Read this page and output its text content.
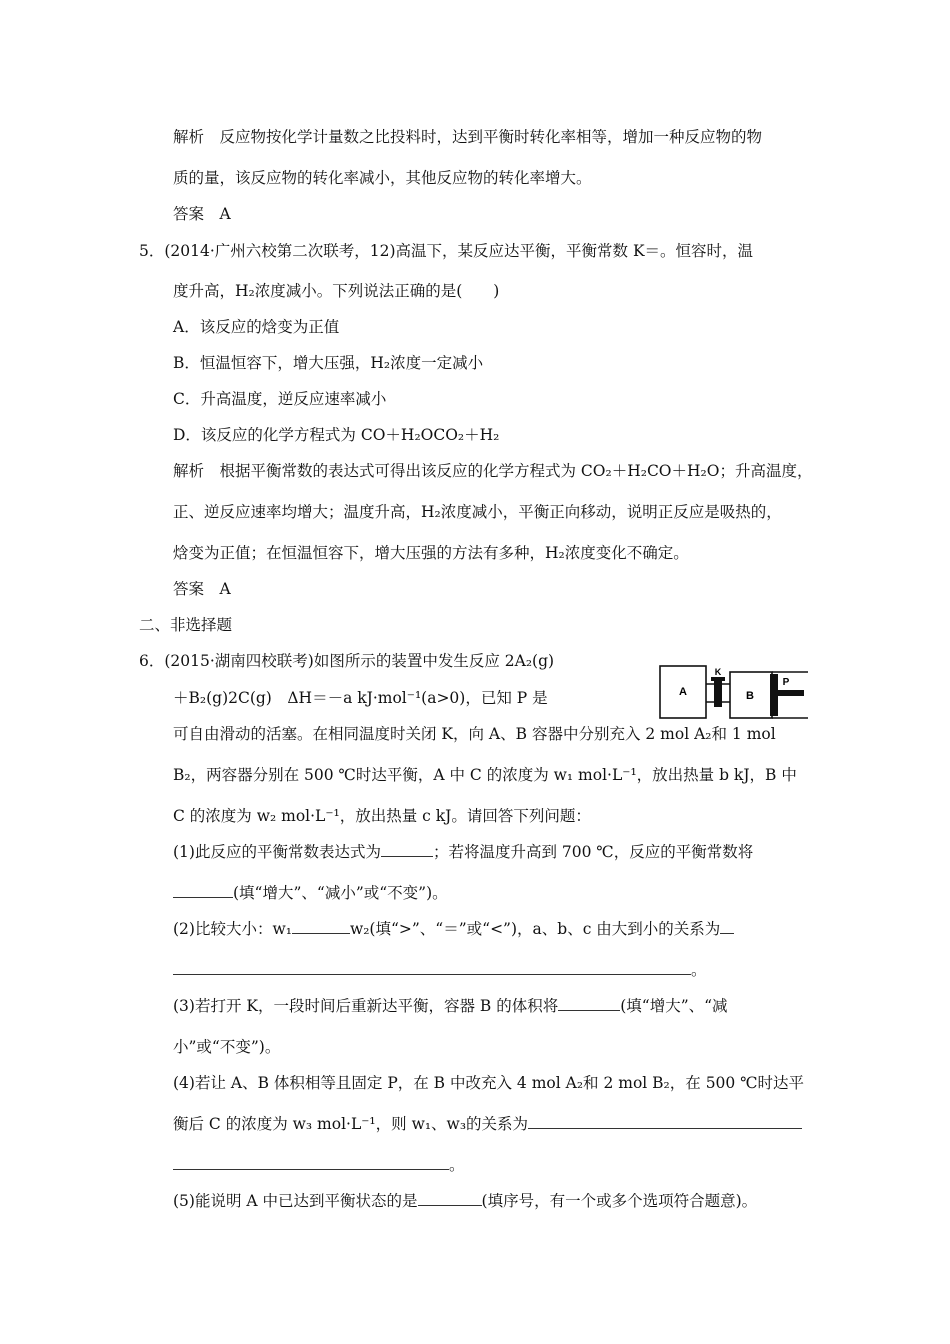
解析　反应物按化学计量数之比投料时，达到平衡时转化率相等，增加一种反应物的物
质的量，该反应物的转化率减小，其他反应物的转化率增大。
答案　A
5．(2014·广州六校第二次联考，12)高温下，某反应达平衡，平衡常数 K＝。恒容时，温
度升高，H₂浓度减小。下列说法正确的是(　　)
A．该反应的焓变为正值
B．恒温恒容下，增大压强，H₂浓度一定减小
C．升高温度，逆反应速率减小
D．该反应的化学方程式为 CO＋H₂OCO₂＋H₂
解析　根据平衡常数的表达式可得出该反应的化学方程式为 CO₂＋H₂CO＋H₂O；升高温度，
正、逆反应速率均增大；温度升高，H₂浓度减小，平衡正向移动，说明正反应是吸热的，
焓变为正值；在恒温恒容下，增大压强的方法有多种，H₂浓度变化不确定。
答案　A
二、非选择题
6．(2015·湖南四校联考)如图所示的装置中发生反应 2A₂(g)
＋B₂(g)2C(g)　ΔH＝－a kJ·mol⁻¹(a>0)，已知 P 是
可自由滑动的活塞。在相同温度时关闭 K，向 A、B 容器中分别充入 2 mol A₂和 1 mol
B₂，两容器分别在 500 ℃时达平衡，A 中 C 的浓度为 w₁ mol·L⁻¹，放出热量 b kJ，B 中
C 的浓度为 w₂ mol·L⁻¹，放出热量 c kJ。请回答下列问题：
(1)此反应的平衡常数表达式为	；若将温度升高到 700 ℃，反应的平衡常数将
(填“增大”、“减小”或“不变”)。
(2)比较大小：w₁	w₂(填“>”、“＝”或“<”)，a、b、c 由大到小的关系为
。
(3)若打开 K，一段时间后重新达平衡，容器 B 的体积将	(填“增大”、“减
小”或“不变”)。
(4)若让 A、B 体积相等且固定 P，在 B 中改充入 4 mol A₂和 2 mol B₂，在 500 ℃时达平
衡后 C 的浓度为 w₃ mol·L⁻¹，则 w₁、w₃的关系为
。
(5)能说明 A 中已达到平衡状态的是	(填序号，有一个或多个选项符合题意)。
A
K
B
P
